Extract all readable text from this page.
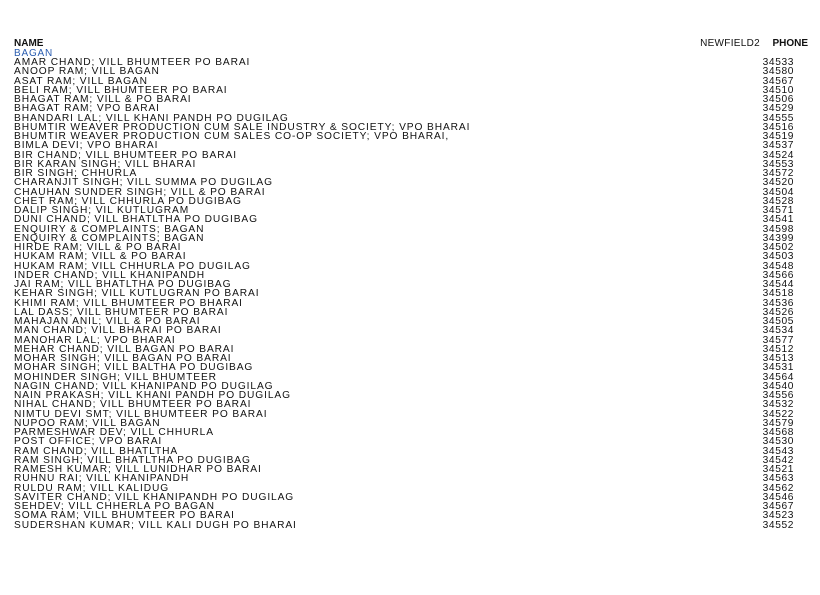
NAME	NEWFIELD2 PHONE
BAGAN
AMAR CHAND; VILL BHUMTEER PO BARAI	34533
ANOOP RAM; VILL BAGAN	34580
ASAT RAM; VILL BAGAN	34567
BELI RAM; VILL BHUMTEER PO BARAI	34510
BHAGAT RAM; VILL & PO BARAI	34506
BHAGAT RAM; VPO BARAI	34529
BHANDARI LAL; VILL KHANI PANDH PO DUGILAG	34555
BHUMTIR WEAVER PRODUCTION CUM SALE INDUSTRY & SOCIETY; VPO BHARAI	34516
BHUMTIR WEAVER PRODUCTION CUM SALES CO-OP SOCIETY; VPO BHARAI,	34519
BIMLA DEVI; VPO BHARAI	34537
BIR CHAND; VILL BHUMTEER PO BARAI	34524
BIR KARAN SINGH; VILL BHARAI	34553
BIR SINGH; CHHURLA	34572
CHARANJIT SINGH; VILL SUMMA PO DUGILAG	34520
CHAUHAN SUNDER SINGH; VILL & PO BARAI	34504
CHET RAM; VILL CHHURLA PO DUGIBAG	34528
DALIP SINGH; VIL KUTLUGRAM	34571
DUNI CHAND; VILL BHATLTHA PO DUGIBAG	34541
ENQUIRY & COMPLAINTS; BAGAN	34598
ENQUIRY & COMPLAINTS; BAGAN	34399
HIRDE RAM; VILL & PO BARAI	34502
HUKAM RAM; VILL & PO BARAI	34503
HUKAM RAM; VILL CHHURLA PO DUGILAG	34548
INDER CHAND; VILL KHANIPANDH	34566
JAI RAM; VILL BHATLTHA PO DUGIBAG	34544
KEHAR SINGH; VILL KUTLUGRAN PO BARAI	34518
KHIMI RAM; VILL BHUMTEER PO BHARAI	34536
LAL DASS; VILL BHUMTEER PO BARAI	34526
MAHAJAN ANIL; VILL & PO BARAI	34505
MAN CHAND; VILL BHARAI PO BARAI	34534
MANOHAR LAL; VPO BHARAI	34577
MEHAR CHAND; VILL BAGAN PO BARAI	34512
MOHAR SINGH; VILL BAGAN PO BARAI	34513
MOHAR SINGH; VILL BALTHA PO DUGIBAG	34531
MOHINDER SINGH; VILL BHUMTEER	34564
NAGIN CHAND; VILL KHANIPAND PO DUGILAG	34540
NAIN PRAKASH; VILL KHANI PANDH PO DUGILAG	34556
NIHAL CHAND; VILL BHUMTEER PO BARAI	34532
NIMTU DEVI SMT; VILL BHUMTEER PO BARAI	34522
NUPOO RAM; VILL BAGAN	34579
PARMESHWAR DEV; VILL CHHURLA	34568
POST OFFICE; VPO BARAI	34530
RAM CHAND; VILL BHATLTHA	34543
RAM SINGH; VILL BHATLTHA PO DUGIBAG	34542
RAMESH KUMAR; VILL LUNIDHAR PO BARAI	34521
RUHNU RAI; VILL KHANIPANDH	34563
RULDU RAM; VILL KALIDUG	34562
SAVITER CHAND; VILL KHANIPANDH PO DUGILAG	34546
SEHDEV; VILL CHHERLA PO BAGAN	34567
SOMA RAM; VILL BHUMTEER PO BARAI	34523
SUDERSHAN KUMAR; VILL KALI DUGH PO BHARAI	34552
